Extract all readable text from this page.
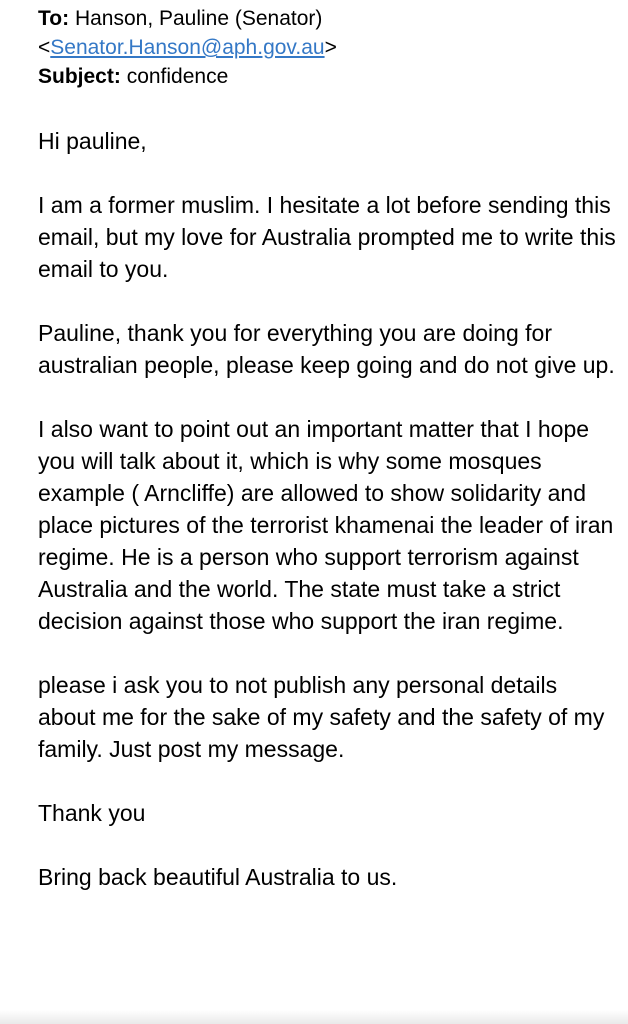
To: Hanson, Pauline (Senator)
<Senator.Hanson@aph.gov.au>
Subject: confidence

Hi pauline,

I am a former muslim. I hesitate a lot before sending this email, but my love for Australia prompted me to write this email to you.

Pauline, thank you for everything you are doing for australian people, please keep going and do not give up.

I also want to point out an important matter that I hope you will talk about it, which is why some mosques example ( Arncliffe) are allowed to show solidarity and place pictures of the terrorist khamenai the leader of iran regime. He is a person who support terrorism against Australia and the world. The state must take a strict decision against those who support the iran regime.

please i ask you to not publish any personal details about me for the sake of my safety and the safety of my family. Just post my message.

Thank you

Bring back beautiful Australia to us.
